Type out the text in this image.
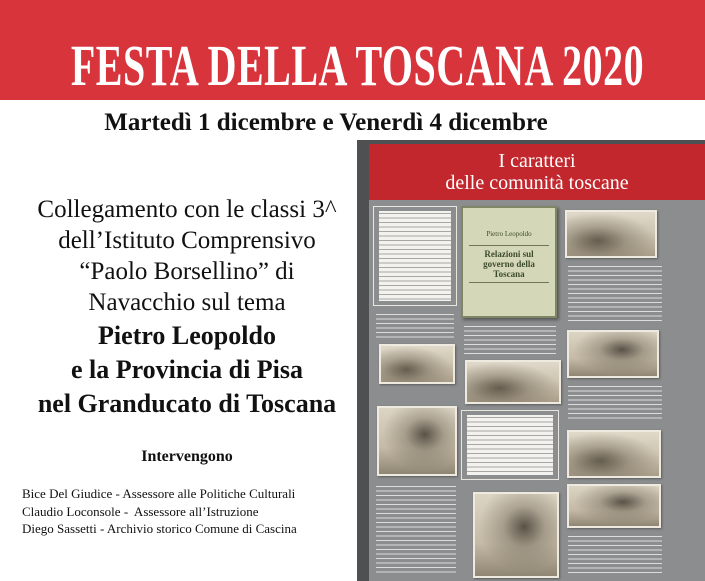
FESTA DELLA TOSCANA 2020
Martedì 1 dicembre e Venerdì 4 dicembre
Collegamento con le classi 3^
dell’Istituto Comprensivo
“Paolo Borsellino” di
Navacchio sul tema
Pietro Leopoldo
e la Provincia di Pisa
nel Granducato di Toscana
Intervengono
Bice Del Giudice - Assessore alle Politiche Culturali
Claudio Loconsole -  Assessore all’Istruzione
Diego Sassetti - Archivio storico Comune di Cascina
I caratteri
delle comunità toscane
Pietro Leopoldo
Relazioni sul governo della Toscana
